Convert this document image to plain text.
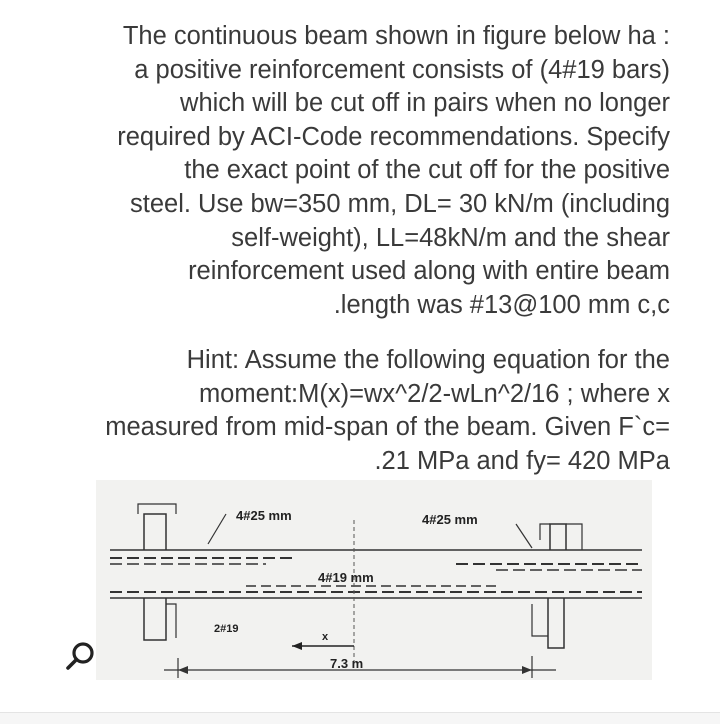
The continuous beam shown in figure below ha :
a positive reinforcement consists of (4#19 bars)
which will be cut off in pairs when no longer
required by ACI-Code recommendations. Specify
the exact point of the cut off for the positive
steel. Use bw=350 mm, DL= 30 kN/m (including
self-weight), LL=48kN/m and the shear
reinforcement used along with entire beam
.length was #13@100 mm c,c
Hint: Assume the following equation for the
moment:M(x)=wx^2/2-wLn^2/16 ; where x
measured from mid-span of the beam. Given F`c=
.21 MPa and fy= 420 MPa
4#25 mm	4#25 mm
4#19 mm
2#19
x
7.3 m
